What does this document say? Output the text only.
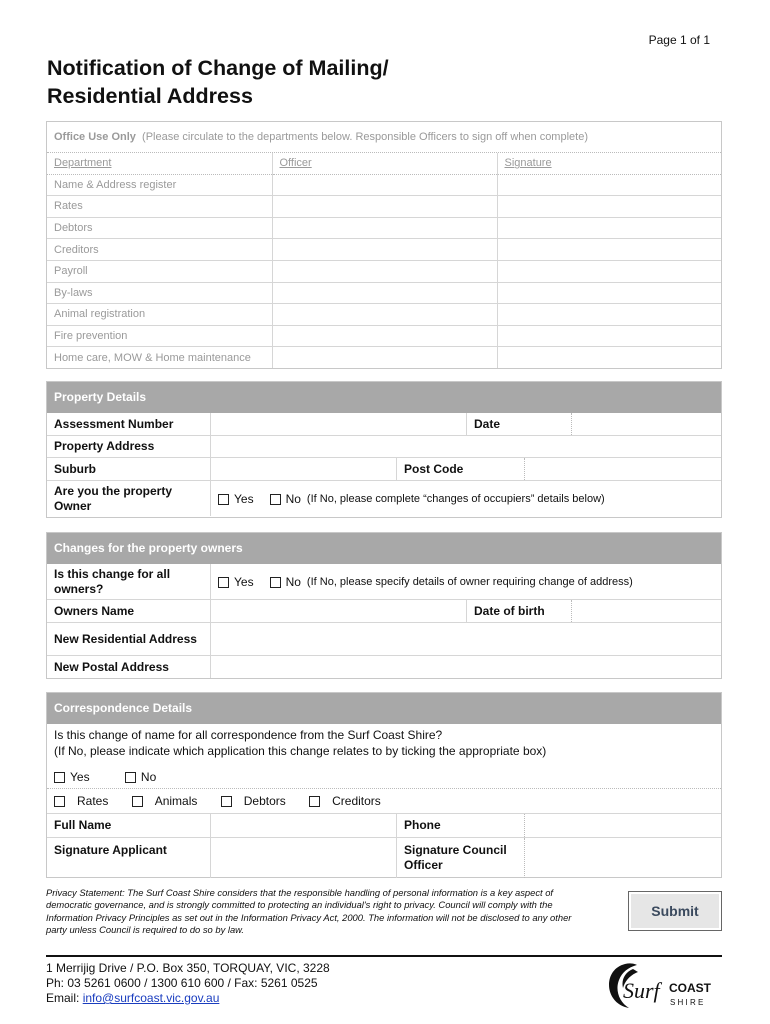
Page 1 of 1
Notification of Change of Mailing/
Residential Address
Office Use Only (Please circulate to the departments below. Responsible Officers to sign off when complete)
Department	Officer	Signature
Name & Address register		
Rates		
Debtors		
Creditors		
Payroll		
By-laws		
Animal registration		
Fire prevention		
Home care, MOW & Home maintenance		
Property Details
Assessment Number	Date
Property Address
Suburb	Post Code
Are you the property Owner	Yes	No (If No, please complete “changes of occupiers” details below)
Changes for the property owners
Is this change for all owners?	Yes	No (If No, please specify details of owner requiring change of address)
Owners Name	Date of birth
New Residential Address
New Postal Address
Correspondence Details
Is this change of name for all correspondence from the Surf Coast Shire?
(If No, please indicate which application this change relates to by ticking the appropriate box)
Yes	No
Rates	Animals	Debtors	Creditors
Full Name	Phone
Signature Applicant	Signature Council Officer
Privacy Statement: The Surf Coast Shire considers that the responsible handling of personal information is a key aspect of democratic governance, and is strongly committed to protecting an individual's right to privacy. Council will comply with the Information Privacy Principles as set out in the Information Privacy Act, 2000. The information will not be disclosed to any other party unless Council is required to do so by law.
Submit
1 Merrijig Drive / P.O. Box 350, TORQUAY, VIC, 3228
Ph: 03 5261 0600 / 1300 610 600 / Fax: 5261 0525
Email: info@surfcoast.vic.gov.au	Surf COAST
S H I R E
